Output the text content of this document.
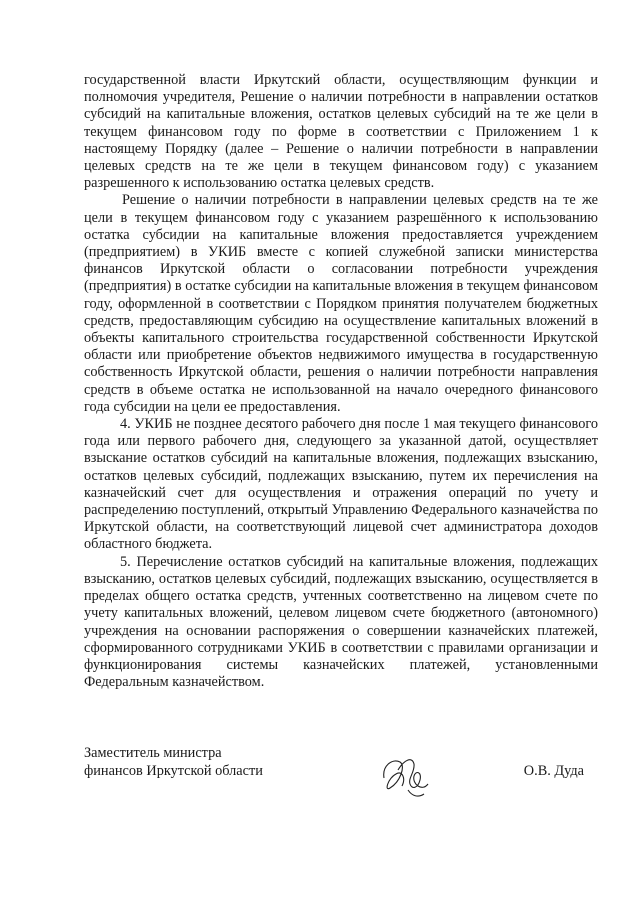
государственной власти Иркутский области, осуществляющим функции и полномочия учредителя, Решение о наличии потребности в направлении остатков субсидий на капитальные вложения, остатков целевых субсидий на те же цели в текущем финансовом году по форме в соответствии с Приложением 1 к настоящему Порядку (далее – Решение о наличии потребности в направлении целевых средств на те же цели в текущем финансовом году) с указанием разрешенного к использованию остатка целевых средств.

Решение о наличии потребности в направлении целевых средств на те же цели в текущем финансовом году с указанием разрешённого к использованию остатка субсидии на капитальные вложения предоставляется учреждением (предприятием) в УКИБ вместе с копией служебной записки министерства финансов Иркутской области о согласовании потребности учреждения (предприятия) в остатке субсидии на капитальные вложения в текущем финансовом году, оформленной в соответствии с Порядком принятия получателем бюджетных средств, предоставляющим субсидию на осуществление капитальных вложений в объекты капитального строительства государственной собственности Иркутской области или приобретение объектов недвижимого имущества в государственную собственность Иркутской области, решения о наличии потребности направления средств в объеме остатка не использованной на начало очередного финансового года субсидии на цели ее предоставления.

4. УКИБ не позднее десятого рабочего дня после 1 мая текущего финансового года или первого рабочего дня, следующего за указанной датой, осуществляет взыскание остатков субсидий на капитальные вложения, подлежащих взысканию, остатков целевых субсидий, подлежащих взысканию, путем их перечисления на казначейский счет для осуществления и отражения операций по учету и распределению поступлений, открытый Управлению Федерального казначейства по Иркутской области, на соответствующий лицевой счет администратора доходов областного бюджета.

5. Перечисление остатков субсидий на капитальные вложения, подлежащих взысканию, остатков целевых субсидий, подлежащих взысканию, осуществляется в пределах общего остатка средств, учтенных соответственно на лицевом счете по учету капитальных вложений, целевом лицевом счете бюджетного (автономного) учреждения на основании распоряжения о совершении казначейских платежей, сформированного сотрудниками УКИБ в соответствии с правилами организации и функционирования системы казначейских платежей, установленными Федеральным казначейством.

Заместитель министра
финансов Иркутской области	О.В. Дуда
